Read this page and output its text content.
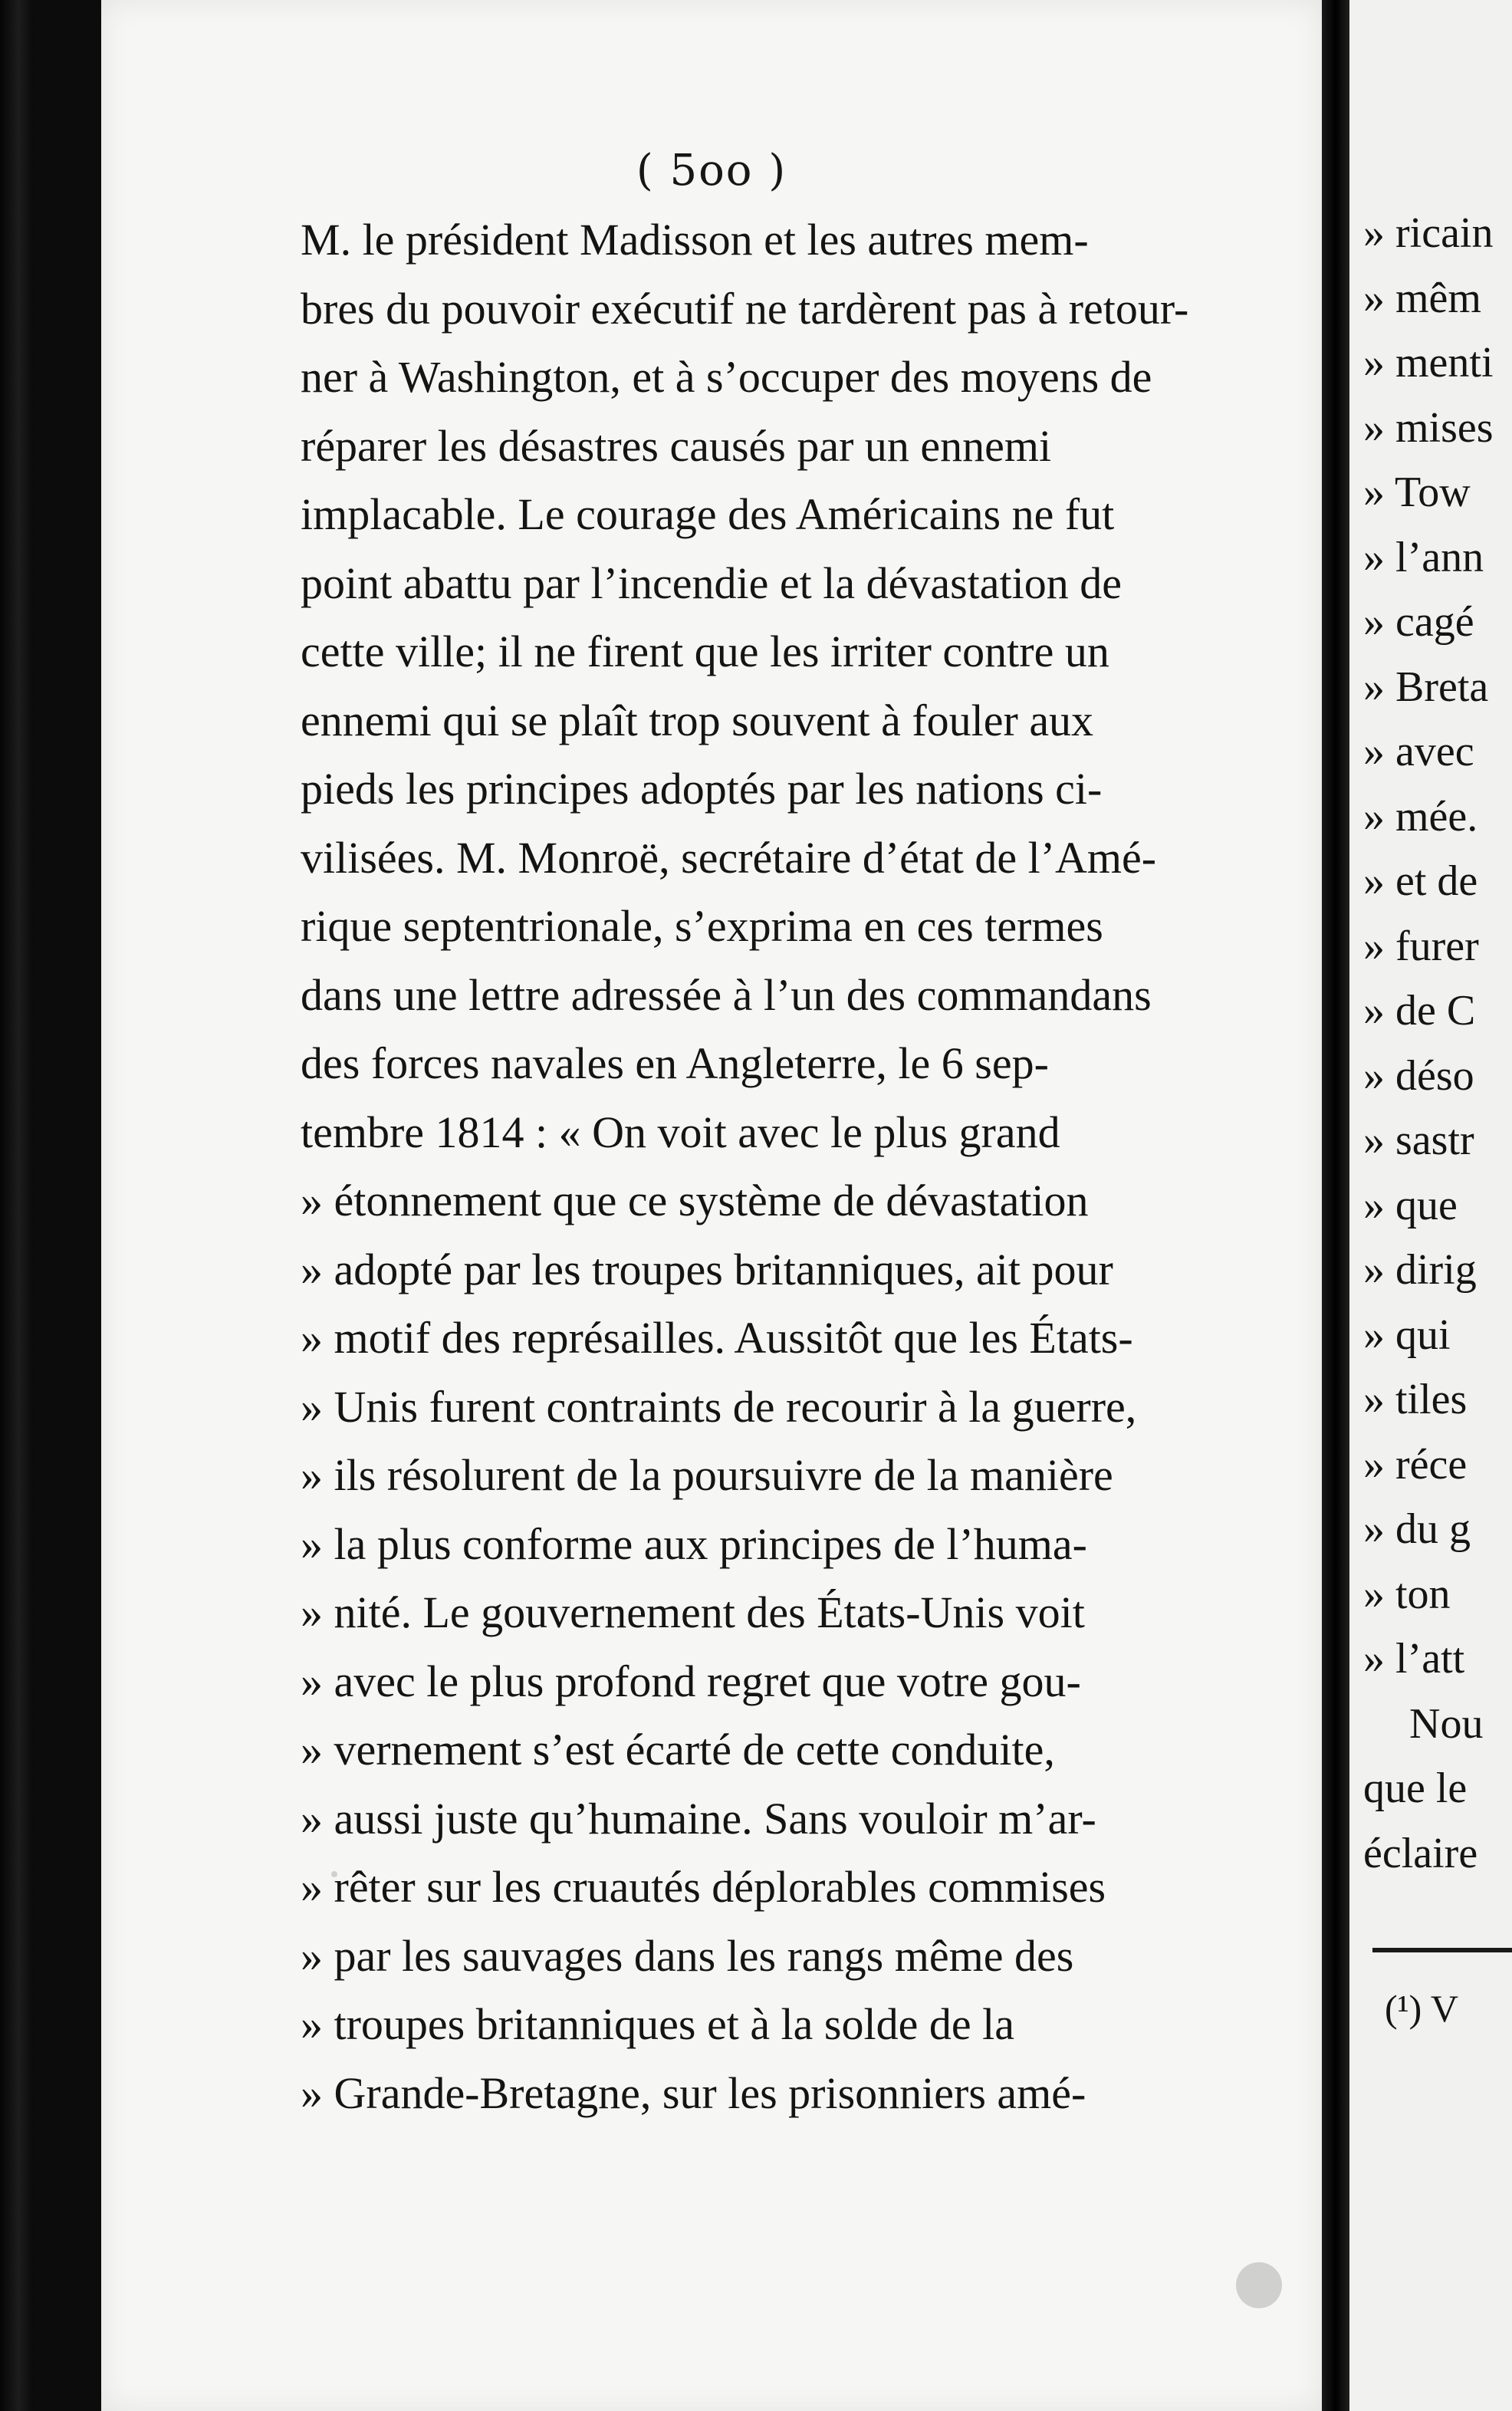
( 5oo )
M. le président Madisson et les autres mem-
bres du pouvoir exécutif ne tardèrent pas à retour-
ner à Washington, et à s’occuper des moyens de
réparer les désastres causés par un ennemi
implacable. Le courage des Américains ne fut
point abattu par l’incendie et la dévastation de
cette ville; il ne firent que les irriter contre un
ennemi qui se plaît trop souvent à fouler aux
pieds les principes adoptés par les nations ci-
vilisées. M. Monroë, secrétaire d’état de l’Amé-
rique septentrionale, s’exprima en ces termes
dans une lettre adressée à l’un des commandans
des forces navales en Angleterre, le 6 sep-
tembre 1814 : « On voit avec le plus grand
» étonnement que ce système de dévastation
» adopté par les troupes britanniques, ait pour
» motif des représailles. Aussitôt que les États-
» Unis furent contraints de recourir à la guerre,
» ils résolurent de la poursuivre de la manière
» la plus conforme aux principes de l’huma-
» nité. Le gouvernement des États-Unis voit
» avec le plus profond regret que votre gou-
» vernement s’est écarté de cette conduite,
» aussi juste qu’humaine. Sans vouloir m’ar-
» rêter sur les cruautés déplorables commises
» par les sauvages dans les rangs même des
» troupes britanniques et à la solde de la
» Grande-Bretagne, sur les prisonniers amé-
» ricain
» mêm
» menti
» mises
» Tow
» l’ann
» cagé
» Breta
» avec
» mée.
» et de
» furer
» de C
» déso
» sastr
» que
» dirig
» qui
» tiles
» réce
» du g
» ton
» l’att
Nou
que le
éclaire
(¹) V
